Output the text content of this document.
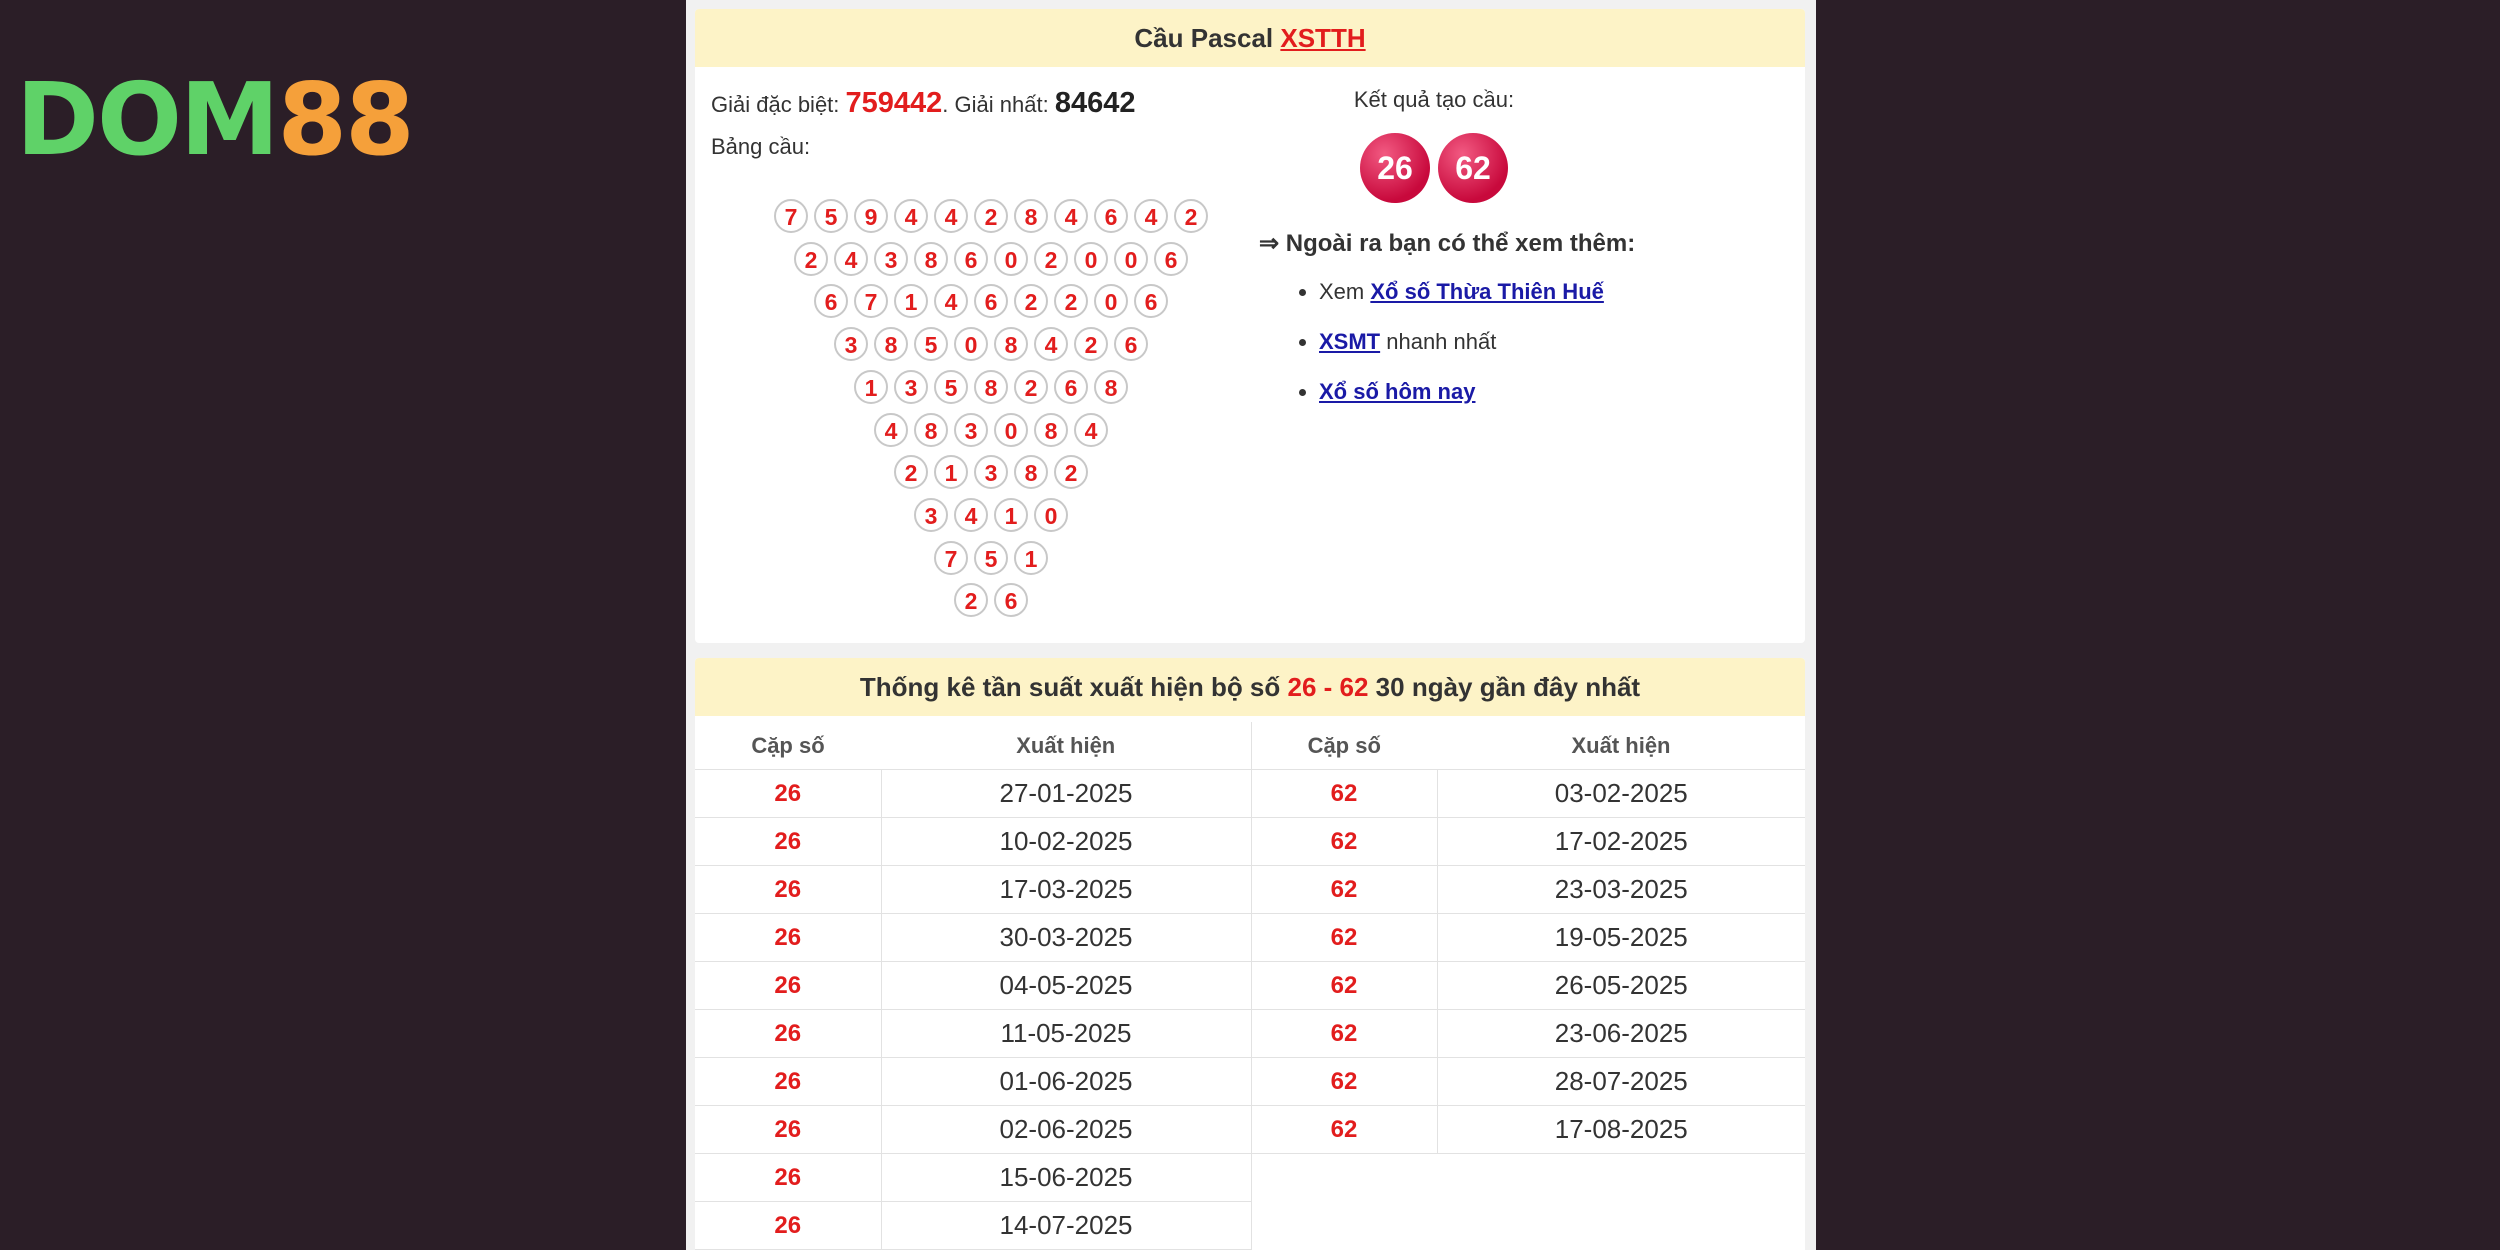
DOM88
Cầu Pascal XSTTH
Giải đặc biệt: 759442. Giải nhất: 84642
Bảng cầu:
7 5 9 4 4 2 8 4 6 4 2
2 4 3 8 6 0 2 0 0 6
6 7 1 4 6 2 2 0 6
3 8 5 0 8 4 2 6
1 3 5 8 2 6 8
4 8 3 0 8 4
2 1 3 8 2
3 4 1 0
7 5 1
2 6
Kết quả tạo cầu:
26 62
⇒ Ngoài ra bạn có thể xem thêm:
• Xem Xổ số Thừa Thiên Huế
• XSMT nhanh nhất
• Xổ số hôm nay
Thống kê tần suất xuất hiện bộ số 26 - 62 30 ngày gần đây nhất
Cặp số	Xuất hiện	Cặp số	Xuất hiện
26	27-01-2025	62	03-02-2025
26	10-02-2025	62	17-02-2025
26	17-03-2025	62	23-03-2025
26	30-03-2025	62	19-05-2025
26	04-05-2025	62	26-05-2025
26	11-05-2025	62	23-06-2025
26	01-06-2025	62	28-07-2025
26	02-06-2025	62	17-08-2025
26	15-06-2025		
26	14-07-2025		
